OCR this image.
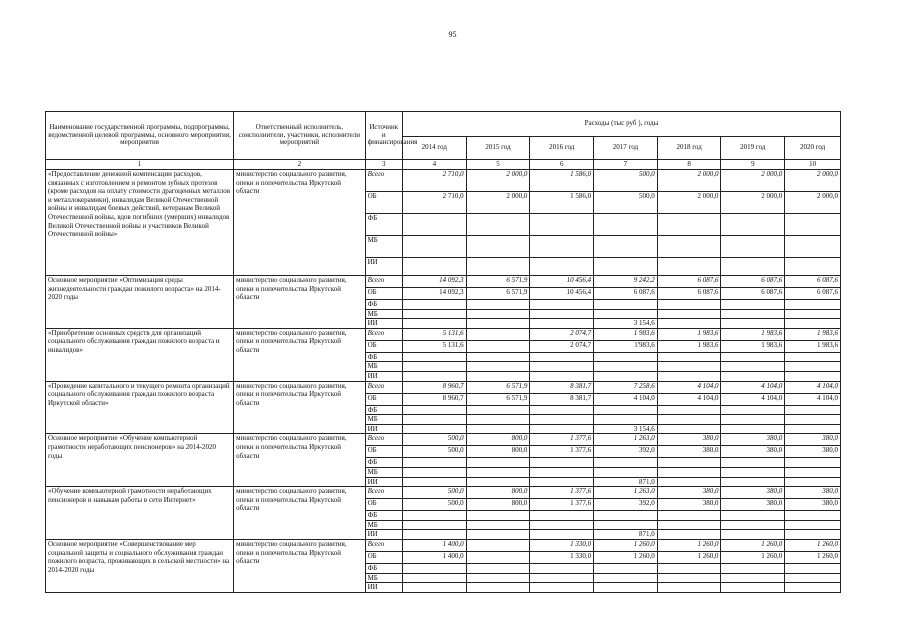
95
Наименование государственной программы, подпрограммы, ведомственной целевой программы, основного мероприятия, мероприятия	Ответственный исполнитель, соисполнители, участники, исполнители мероприятий	Источник и финансирования	Расходы (тыс руб ), годы						
			2014 год	2015 год	2016 год	2017 год	2018 год	2019 год	2020 год
1	2	3	4	5	6	7	8	9	10
«Предоставление денежной компенсации расходов, связанных с изготовлением и ремонтом зубных протезов (кроме расходов на оплату стоимости драгоценных металлов и металлокерамики), инвалидам Великой Отечественной войны и инвалидам боевых действий, ветеранам Великой Отечественной войны, вдов погибших (умерших) инвалидов Великой Отечественной войны и участников Великой Отечественной войны»	министерство социального развития, опеки и попечительства Иркутской области	Всего	2 710,0	2 000,0	1 586,0	500,0	2 000,0	2 000,0	2 000,0
		ОБ	2 710,0	2 000,0	1 586,0	500,0	2 000,0	2 000,0	2 000,0
		ФБ							
		МБ							
		ИИ							
Основное мероприятие «Оптимизация среды жизнедеятельности граждан пожилого возраста» на 2014-2020 годы	министерство социального развития, опеки и попечительства Иркутской области	Всего	14 092,3	6 571,9	10 456,4	9 242,2	6 087,6	6 087,6	6 087,6
		ОБ	14 092,3	6 571,9	10 456,4	6 087,6	6 087,6	6 087,6	6 087,6
		ФБ							
		МБ							
		ИИ				3 154,6			
«Приобретение основных средств для организаций социального обслуживания граждан пожилого возраста и инвалидов»	министерство социального развития, опеки и попечительства Иркутской области	Всего	5 131,6		2 074,7	1 983,6	1 983,6	1 983,6	1 983,6
		ОБ	5 131,6		2 074,7	1'983,6	1 983,6	1 983,6	1 983,6
		ФБ							
		МБ							
		ИИ							
«Проведение капитального и текущего ремонта организаций социального обслуживания граждан пожилого возраста Иркутской области»	министерство социального развития, опеки и попечительства Иркутской области	Всего	8 960,7	6 571,9	8 381,7	7 258,6	4 104,0	4 104,0	4 104,0
		ОБ	8 960,7	6 571,9	8 381,7	4 104,0	4 104,0	4 104,0	4 104,0
		ФБ							
		МБ							
		ИИ				3 154,6			
Основное мероприятие «Обучение компьютерной грамотности неработающих пенсионеров» на 2014-2020 годы	министерство социального развития, опеки и попечительства Иркутской области	Всего	500,0	800,0	1 377,6	1 263,0	380,0	380,0	380,0
		ОБ	500,0	800,0	1 377,6	392,0	380,0	380,0	380,0
		ФБ							
		МБ							
		ИИ				871,0			
«Обучение компьютерной грамотности неработающих пенсионеров и навыкам работы в сети Интернет»	министерство социального развития, опеки и попечительства Иркутской области	Всего	500,0	800,0	1 377,6	1 263,0	380,0	380,0	380,0
		ОБ	500,0	800,0	1 377,6	392,0	380,0	380,0	380,0
		ФБ							
		МБ							
		ИИ				871,0			
Основное мероприятие «Совершенствование мер социальной защиты и социального обслуживания граждан пожилого возраста, проживающих в сельской местности» на 2014-2020 годы	министерство социального развития, опеки и попечительства Иркутской области	Всего	1 400,0		1 330,0	1 260,0	1 260,0	1 260,0	1 260,0
		ОБ	1 400,0		1 330,0	1 260,0	1 260,0	1 260,0	1 260,0
		ФБ							
		МБ							
		ИИ							
